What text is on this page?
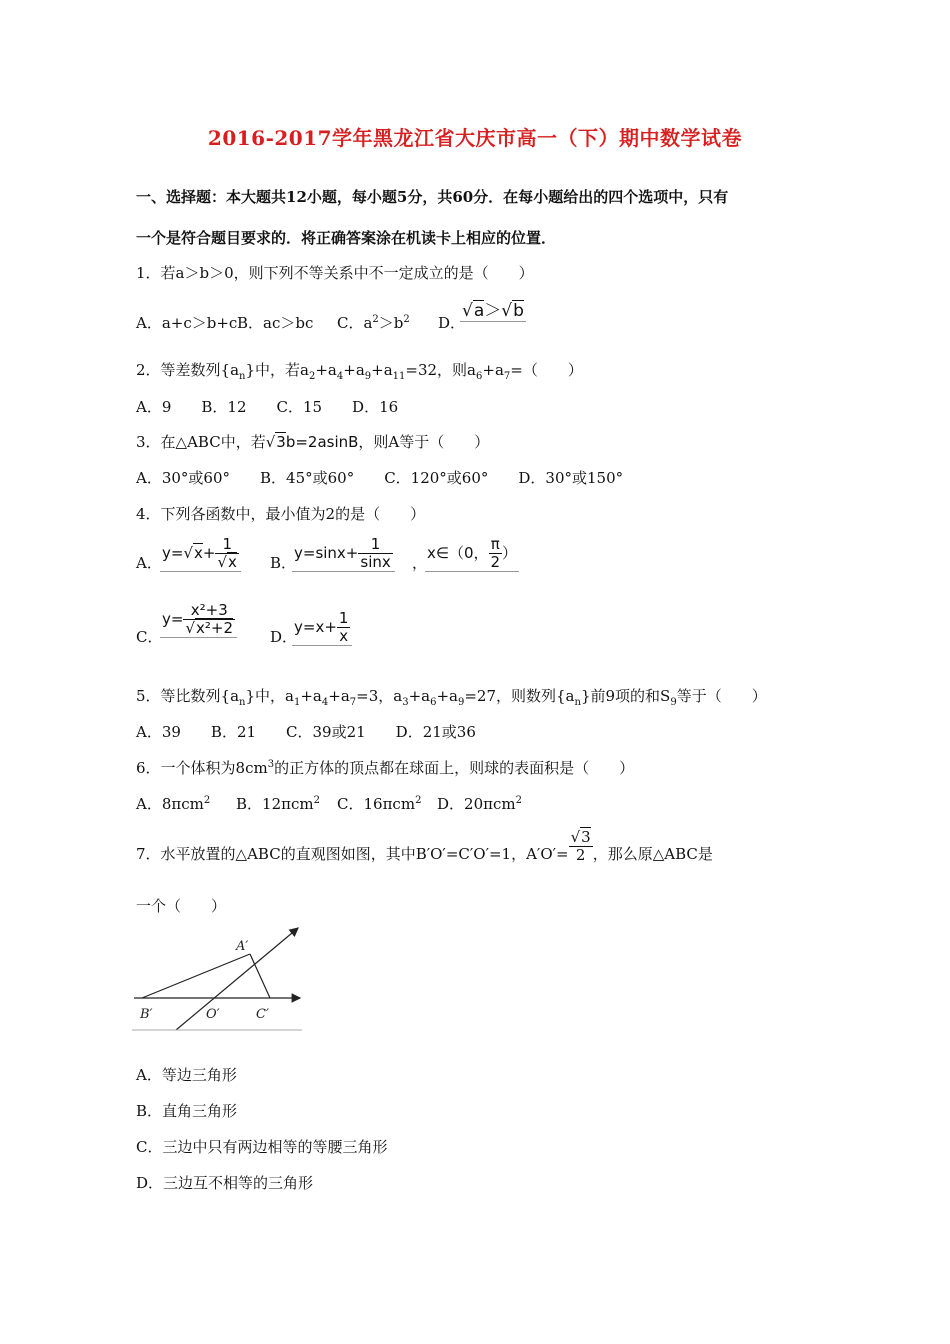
2016-2017学年黑龙江省大庆市高一（下）期中数学试卷
一、选择题：本大题共12小题，每小题5分，共60分．在每小题给出的四个选项中，只有
一个是符合题目要求的．将正确答案涂在机读卡上相应的位置．
1．若a＞b＞0，则下列不等关系中不一定成立的是（　　）
A．a+c＞b+c B．ac＞bc C．$a^2>b^2$ D．
√a＞√b
2．等差数列$\{a_n\}$中，若$a_2+a_4+a_9+a_{11}=32$，则$a_6+a_7=$（　　）
A．9　　B．12　　C．15　　D．16
3．在△ABC中，若√3b=2asinB，则A等于（　　）
A．30°或60°　　B．45°或60°　　C．120°或60°　　D．30°或150°
4．下列各函数中，最小值为2的是（　　）
A．
$y=√x+ \frac{1}{√x}$ B．
$y=\sin x+ \frac{1}{\sin x}$ ，
x∈（0， $\frac{\pi}{2}$ ）
C．
$y= \frac{\text{x²+3}}{\text{√x²+2}}$ D．
$y=x+ \frac{1}{x}$
5．等比数列$\{a_n\}$中，$a_1+a_4+a_7=3$，$a_3+a_6+a_9=27$，则数列$\{a_n\}$前9项的和$S_9$等于（　　）
A．39　　B．21　　C．39或21　　D．21或36
6．一个体积为$8cm^3$的正方体的顶点都在球面上，则球的表面积是（　　）
A．8πcm$^2$ B．12πcm$^2$ C．16πcm$^2$ D．20πcm$^2$
7．水平放置的△ABC的直观图如图，其中B′O′=C′O′=1，$A'O'= \frac{√3}{2}$ ，那么原△ABC是
一个（　　）
A′
B′	O′	C′
A．等边三角形
B．直角三角形
C．三边中只有两边相等的等腰三角形
D．三边互不相等的三角形
